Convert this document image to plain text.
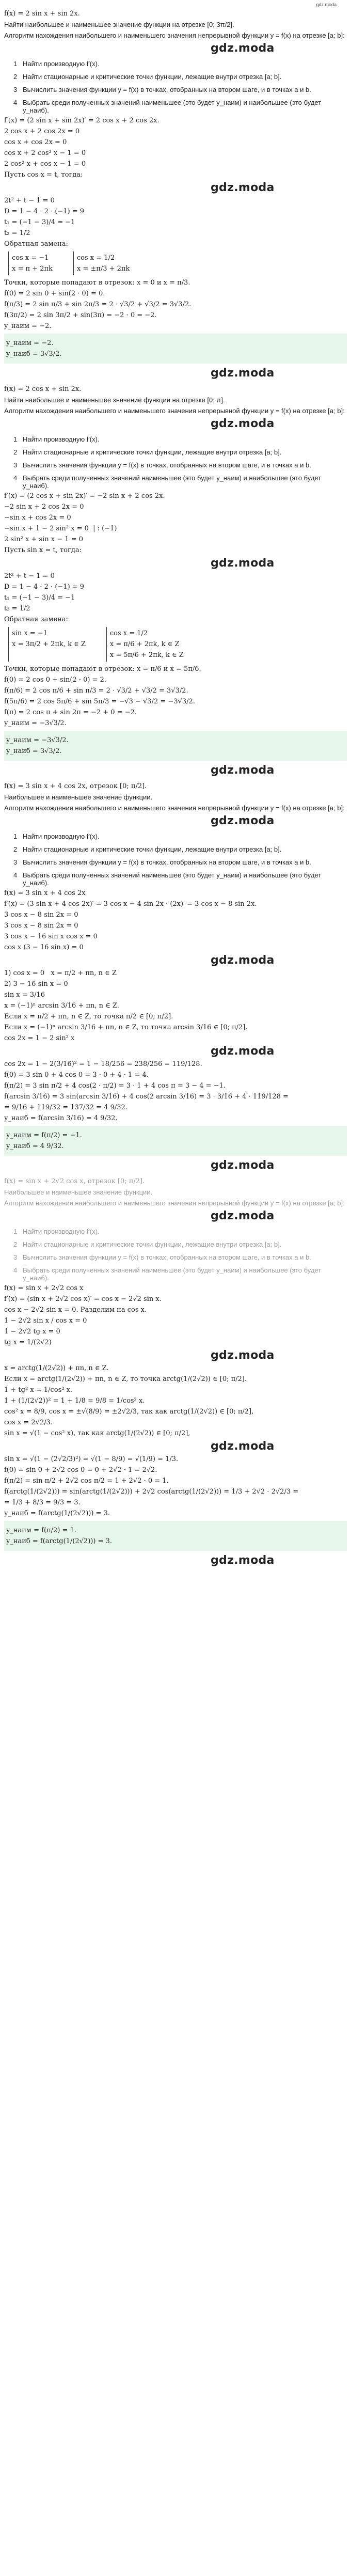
gdz.moda
f(x) = 2 sin x + sin 2x.
Найти наибольшее и наименьшее значение функции на отрезке [0; 3π/2].
Алгоритм нахождения наибольшего и наименьшего значения непрерывной функции y = f(x) на отрезке [a; b]:
gdz.moda
1 Найти производную f′(x).
2 Найти стационарные и критические точки функции, лежащие внутри отрезка [a; b].
3 Вычислить значения функции y = f(x) в точках, отобранных на втором шаге, и в точках a и b.
4 Выбрать среди полученных значений наименьшее (это будет y_наим) и наибольшее (это будет y_наиб).
f′(x) = (2 sin x + sin 2x)′ = 2 cos x + 2 cos 2x.
2 cos x + 2 cos 2x = 0
cos x + cos 2x = 0
cos x + 2 cos² x − 1 = 0
2 cos² x + cos x − 1 = 0
Пусть cos x = t, тогда:
gdz.moda
2t² + t − 1 = 0
D = 1 − 4 · 2 · (−1) = 9
t₁ = (−1 − 3)/4 = −1
t₂ = 1/2
Обратная замена:
cos x = −1
x = π + 2πk
cos x = 1/2
x = ±π/3 + 2πk
Точки, которые попадают в отрезок: x = 0 и x = π/3.
f(0) = 2 sin 0 + sin(2 · 0) = 0.
f(π/3) = 2 sin π/3 + sin 2π/3 = 2 · √3/2 + √3/2 = 3√3/2.
f(3π/2) = 2 sin 3π/2 + sin(3π) = −2 · 0 = −2.
y_наим = −2.
y_наим = −2.
y_наиб = 3√3/2.
gdz.moda
f(x) = 2 cos x + sin 2x.
Найти наибольшее и наименьшее значение функции на отрезке [0; π].
Алгоритм нахождения наибольшего и наименьшего значения непрерывной функции y = f(x) на отрезке [a; b]:
gdz.moda
1 Найти производную f′(x).
2 Найти стационарные и критические точки функции, лежащие внутри отрезка [a; b].
3 Вычислить значения функции y = f(x) в точках, отобранных на втором шаге, и в точках a и b.
4 Выбрать среди полученных значений наименьшее (это будет y_наим) и наибольшее (это будет y_наиб).
f′(x) = (2 cos x + sin 2x)′ = −2 sin x + 2 cos 2x.
−2 sin x + 2 cos 2x = 0
−sin x + cos 2x = 0
−sin x + 1 − 2 sin² x = 0  | : (−1)
2 sin² x + sin x − 1 = 0
Пусть sin x = t, тогда:
gdz.moda
2t² + t − 1 = 0
D = 1 − 4 · 2 · (−1) = 9
t₁ = (−1 − 3)/4 = −1
t₂ = 1/2
Обратная замена:
sin x = −1
x = 3π/2 + 2πk, k ∈ Z
cos x = 1/2
x = π/6 + 2πk, k ∈ Z
x = 5π/6 + 2πk, k ∈ Z
Точки, которые попадают в отрезок: x = π/6 и x = 5π/6.
f(0) = 2 cos 0 + sin(2 · 0) = 2.
f(π/6) = 2 cos π/6 + sin π/3 = 2 · √3/2 + √3/2 = 3√3/2.
f(5π/6) = 2 cos 5π/6 + sin 5π/3 = −√3 − √3/2 = −3√3/2.
f(π) = 2 cos π + sin 2π = −2 + 0 = −2.
y_наим = −3√3/2.
y_наим = −3√3/2.
y_наиб = 3√3/2.
gdz.moda
f(x) = 3 sin x + 4 cos 2x, отрезок [0; π/2].
Наибольшее и наименьшее значение функции.
Алгоритм нахождения наибольшего и наименьшего значения непрерывной функции y = f(x) на отрезке [a; b]:
gdz.moda
1 Найти производную f′(x).
2 Найти стационарные и критические точки функции, лежащие внутри отрезка [a; b].
3 Вычислить значения функции y = f(x) в точках, отобранных на втором шаге, и в точках a и b.
4 Выбрать среди полученных значений наименьшее (это будет y_наим) и наибольшее (это будет y_наиб).
f(x) = 3 sin x + 4 cos 2x
f′(x) = (3 sin x + 4 cos 2x)′ = 3 cos x − 4 sin 2x · (2x)′ = 3 cos x − 8 sin 2x.
3 cos x − 8 sin 2x = 0
3 cos x − 8 sin 2x = 0
3 cos x − 16 sin x cos x = 0
cos x (3 − 16 sin x) = 0
gdz.moda
1) cos x = 0   x = π/2 + πn, n ∈ Z
2) 3 − 16 sin x = 0
sin x = 3/16
x = (−1)ⁿ arcsin 3/16 + πn, n ∈ Z.
Если x = π/2 + πn, n ∈ Z, то точка π/2 ∈ [0; π/2].
Если x = (−1)ⁿ arcsin 3/16 + πn, n ∈ Z, то точка arcsin 3/16 ∈ [0; π/2].
cos 2x = 1 − 2 sin² x
gdz.moda
cos 2x = 1 − 2(3/16)² = 1 − 18/256 = 238/256 = 119/128.
f(0) = 3 sin 0 + 4 cos 0 = 3 · 0 + 4 · 1 = 4.
f(π/2) = 3 sin π/2 + 4 cos(2 · π/2) = 3 · 1 + 4 cos π = 3 − 4 = −1.
f(arcsin 3/16) = 3 sin(arcsin 3/16) + 4 cos(2 arcsin 3/16) = 3 · 3/16 + 4 · 119/128 =
= 9/16 + 119/32 = 137/32 = 4 9/32.
y_наиб = f(arcsin 3/16) = 4 9/32.
y_наим = f(π/2) = −1.
y_наиб = 4 9/32.
gdz.moda
f(x) = sin x + 2√2 cos x, отрезок [0; π/2].
Наибольшее и наименьшее значение функции.
Алгоритм нахождения наибольшего и наименьшего значения непрерывной функции y = f(x) на отрезке [a; b]:
gdz.moda
1 Найти производную f′(x).
2 Найти стационарные и критические точки функции, лежащие внутри отрезка [a; b].
3 Вычислить значения функции y = f(x) в точках, отобранных на втором шаге, и в точках a и b.
4 Выбрать среди полученных значений наименьшее (это будет y_наим) и наибольшее (это будет y_наиб).
f(x) = sin x + 2√2 cos x
f′(x) = (sin x + 2√2 cos x)′ = cos x − 2√2 sin x.
cos x − 2√2 sin x = 0. Разделим на cos x.
1 − 2√2 sin x / cos x = 0
1 − 2√2 tg x = 0
tg x = 1/(2√2)
gdz.moda
x = arctg(1/(2√2)) + πn, n ∈ Z.
Если x = arctg(1/(2√2)) + πn, n ∈ Z, то точка arctg(1/(2√2)) ∈ [0; π/2].
1 + tg² x = 1/cos² x.
1 + (1/(2√2))² = 1 + 1/8 = 9/8 = 1/cos² x.
cos² x = 8/9, cos x = ±√(8/9) = ±2√2/3, так как arctg(1/(2√2)) ∈ [0; π/2],
cos x = 2√2/3.
sin x = √(1 − cos² x), так как arctg(1/(2√2)) ∈ [0; π/2],
gdz.moda
sin x = √(1 − (2√2/3)²) = √(1 − 8/9) = √(1/9) = 1/3.
f(0) = sin 0 + 2√2 cos 0 = 0 + 2√2 · 1 = 2√2.
f(π/2) = sin π/2 + 2√2 cos π/2 = 1 + 2√2 · 0 = 1.
f(arctg(1/(2√2))) = sin(arctg(1/(2√2))) + 2√2 cos(arctg(1/(2√2))) = 1/3 + 2√2 · 2√2/3 =
= 1/3 + 8/3 = 9/3 = 3.
y_наиб = f(arctg(1/(2√2))) = 3.
y_наим = f(π/2) = 1.
y_наиб = f(arctg(1/(2√2))) = 3.
gdz.moda
